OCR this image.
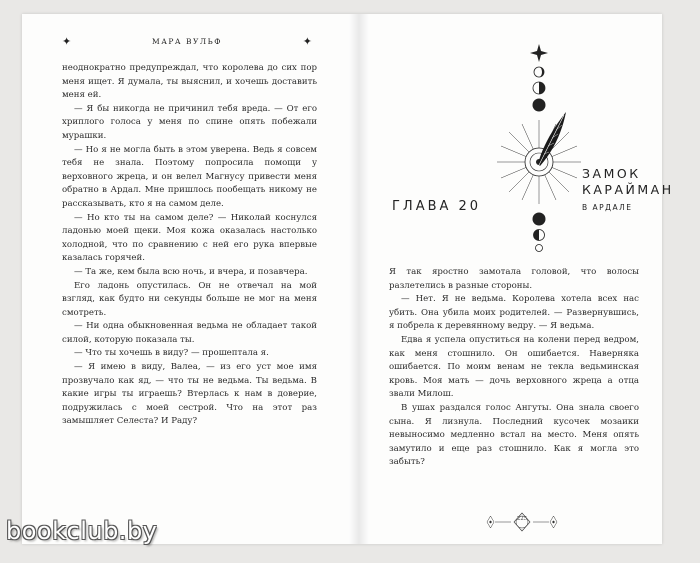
✦	МАРА ВУЛЬФ	✦

неоднократно предупреждал, что королева до сих пор меня ищет. Я думала, ты выяснил, и хочешь доставить меня ей.

— Я бы никогда не причинил тебя вреда. — От его хриплого голоса у меня по спине опять побежали мурашки.

— Но я не могла быть в этом уверена. Ведь я совсем тебя не знала. Поэтому попросила помощи у верховного жреца, и он велел Магнусу привести меня обратно в Ардал. Мне пришлось пообещать никому не рассказывать, кто я на самом деле.

— Но кто ты на самом деле? — Николай коснулся ладонью моей щеки. Моя кожа оказалась настолько холодной, что по сравнению с ней его рука впервые казалась горячей.

— Та же, кем была всю ночь, и вчера, и позавчера.

Его ладонь опустилась. Он не отвечал на мой взгляд, как будто ни секунды больше не мог на меня смотреть.

— Ни одна обыкновенная ведьма не обладает такой силой, которую показала ты.

— Что ты хочешь в виду? — прошептала я.

— Я имею в виду, Валеа, — из его уст мое имя прозвучало как яд, — что ты не ведьма. Ты ведьма. В какие игры ты играешь? Втерлась к нам в доверие, подружилась с моей сестрой. Что на этот раз замышляет Селеста? И Раду?

ГЛАВА 20
ЗАМОК
КАРАЙМАН
В АРДАЛЕ

Я так яростно замотала головой, что волосы разлетелись в разные стороны.

— Нет. Я не ведьма. Королева хотела всех нас убить. Она убила моих родителей. — Развернувшись, я побрела к деревянному ведру. — Я ведьма.

Едва я успела опуститься на колени перед ведром, как меня стошнило. Он ошибается. Наверняка ошибается. По моим венам не текла ведьминская кровь. Моя мать — дочь верховного жреца а отца звали Милош.

В ушах раздался голос Ангуты. Она знала своего сына. Я лизнула. Последний кусочек мозаики невыносимо медленно встал на место. Меня опять замутило и еще раз стошнило. Как я могла это забыть?

225
bookclub.by
